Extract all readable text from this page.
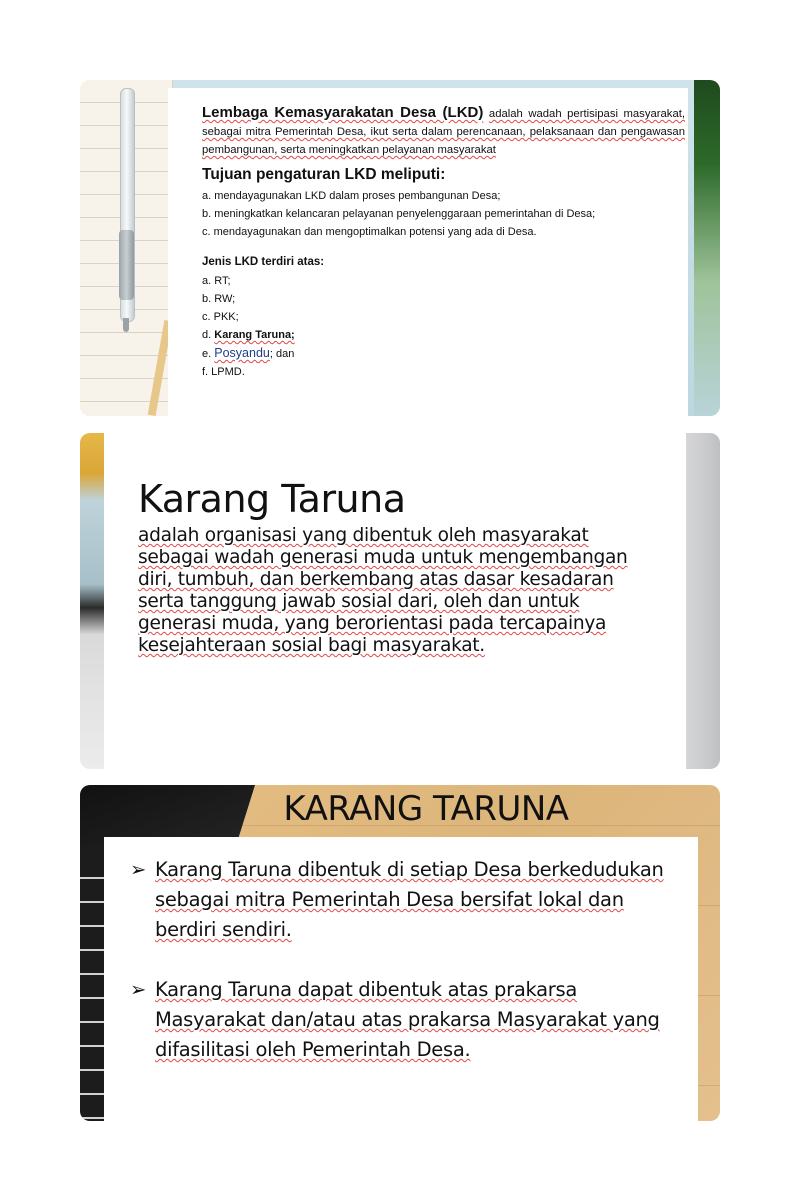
Lembaga Kemasyarakatan Desa (LKD) adalah wadah pertisipasi masyarakat, sebagai mitra Pemerintah Desa, ikut serta dalam perencanaan, pelaksanaan dan pengawasan pembangunan, serta meningkatkan pelayanan masyarakat

Tujuan pengaturan LKD meliputi:
a. mendayagunakan LKD dalam proses pembangunan Desa;
b. meningkatkan kelancaran pelayanan penyelenggaraan pemerintahan di Desa;
c. mendayagunakan dan mengoptimalkan potensi yang ada di Desa.
Jenis LKD terdiri atas:
a. RT;
b. RW;
c. PKK;
d. Karang Taruna;
e. Posyandu; dan
f. LPMD.
Karang Taruna

adalah organisasi yang dibentuk oleh masyarakat sebagai wadah generasi muda untuk mengembangan diri, tumbuh, dan berkembang atas dasar kesadaran serta tanggung jawab sosial dari, oleh dan untuk generasi muda, yang berorientasi pada tercapainya kesejahteraan sosial bagi masyarakat.

KARANG TARUNA
➢ Karang Taruna dibentuk di setiap Desa berkedudukan sebagai mitra Pemerintah Desa bersifat lokal dan berdiri sendiri.
➢ Karang Taruna dapat dibentuk atas prakarsa Masyarakat dan/atau atas prakarsa Masyarakat yang difasilitasi oleh Pemerintah Desa.
